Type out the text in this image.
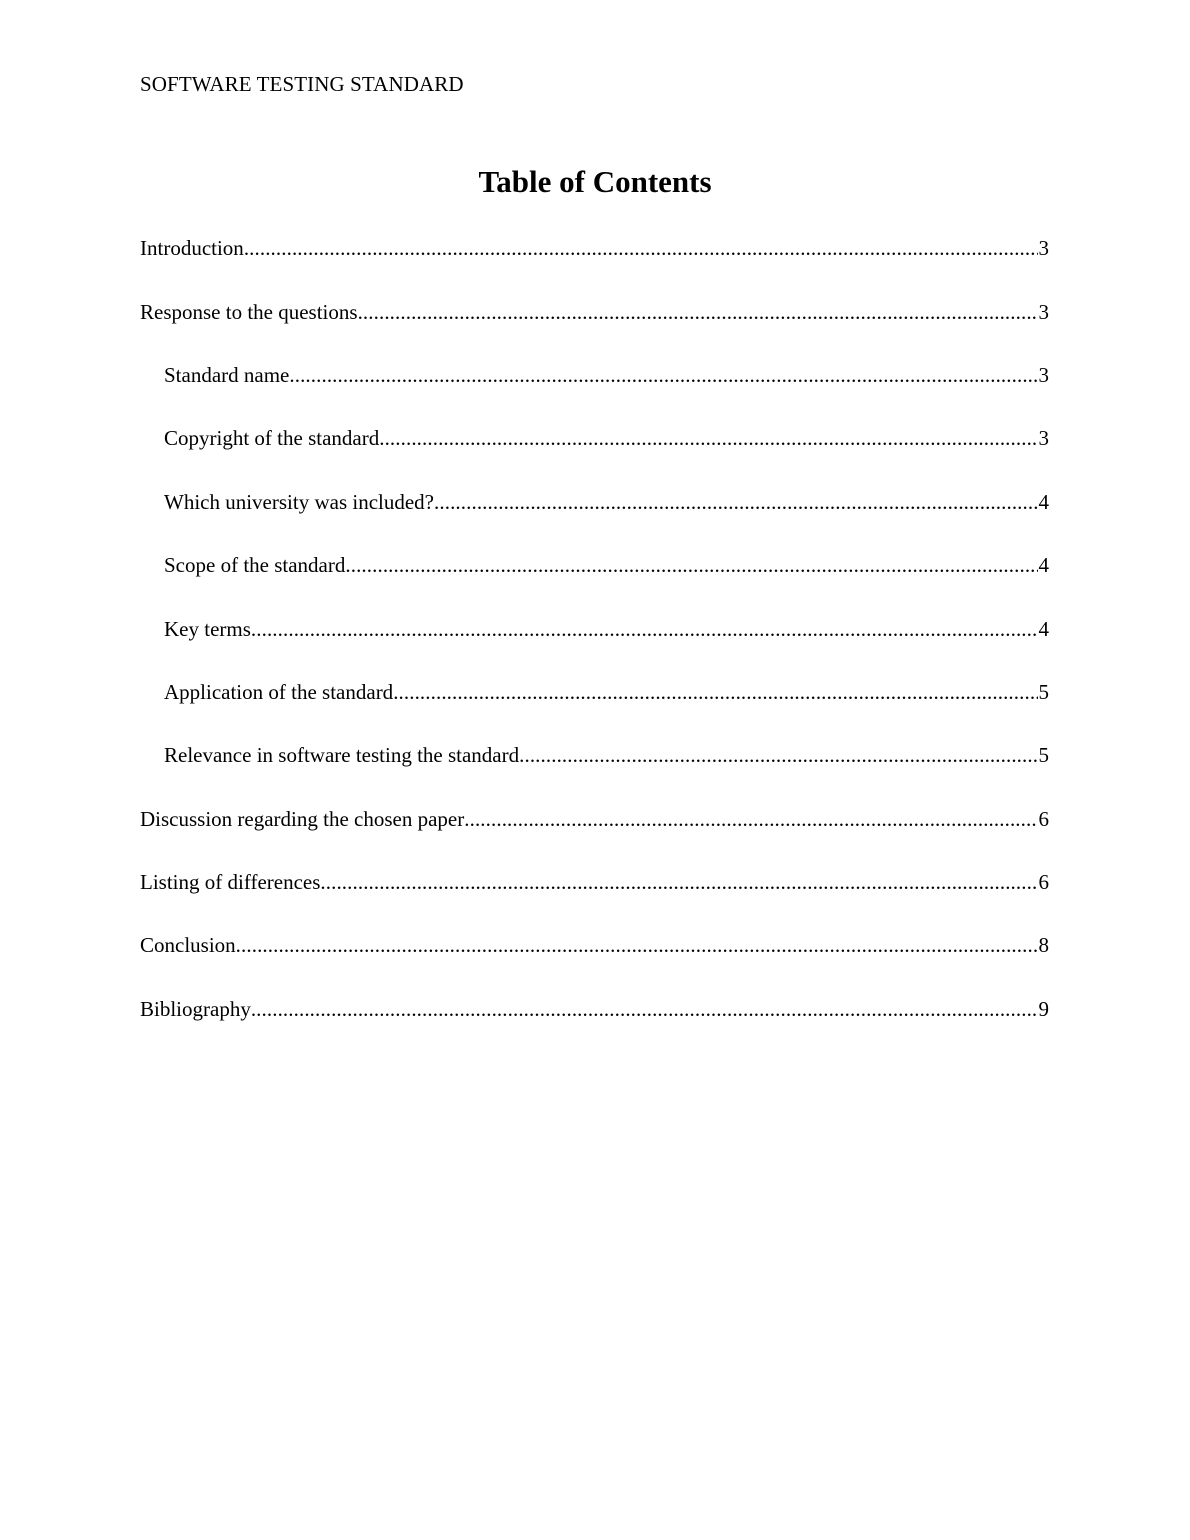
SOFTWARE TESTING STANDARD
Table of Contents
Introduction .....	3
Response to the questions .....	3
Standard name .....	3
Copyright of the standard .....	3
Which university was included? .....	4
Scope of the standard .....	4
Key terms .....	4
Application of the standard .....	5
Relevance in software testing the standard .....	5
Discussion regarding the chosen paper .....	6
Listing of differences .....	6
Conclusion .....	8
Bibliography .....	9
